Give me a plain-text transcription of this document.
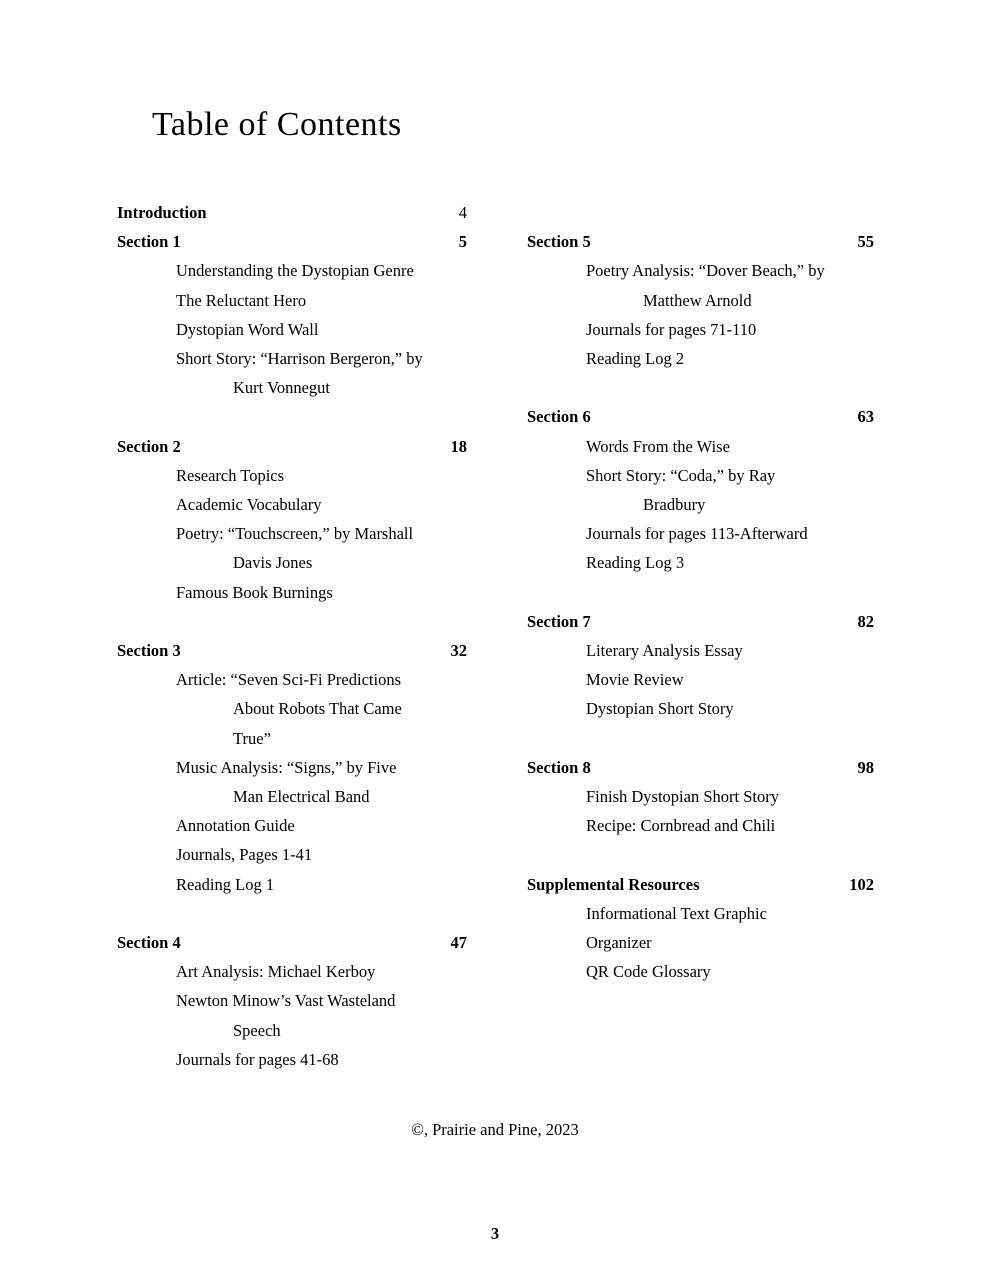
Table of Contents
Introduction	4
Section 1	5
Understanding the Dystopian Genre
The Reluctant Hero
Dystopian Word Wall
Short Story: “Harrison Bergeron,” by
Kurt Vonnegut
Section 2	18
Research Topics
Academic Vocabulary
Poetry: “Touchscreen,” by Marshall
Davis Jones
Famous Book Burnings
Section 3	32
Article: “Seven Sci-Fi Predictions
About Robots That Came
True”
Music Analysis: “Signs,” by Five
Man Electrical Band
Annotation Guide
Journals, Pages 1-41
Reading Log 1
Section 4	47
Art Analysis: Michael Kerboy
Newton Minow’s Vast Wasteland
Speech
Journals for pages 41-68
Section 5	55
Poetry Analysis: “Dover Beach,” by
Matthew Arnold
Journals for pages 71-110
Reading Log 2
Section 6	63
Words From the Wise
Short Story: “Coda,” by Ray
Bradbury
Journals for pages 113-Afterward
Reading Log 3
Section 7	82
Literary Analysis Essay
Movie Review
Dystopian Short Story
Section 8	98
Finish Dystopian Short Story
Recipe: Cornbread and Chili
Supplemental Resources	102
Informational Text Graphic
Organizer
QR Code Glossary
©, Prairie and Pine, 2023
3
